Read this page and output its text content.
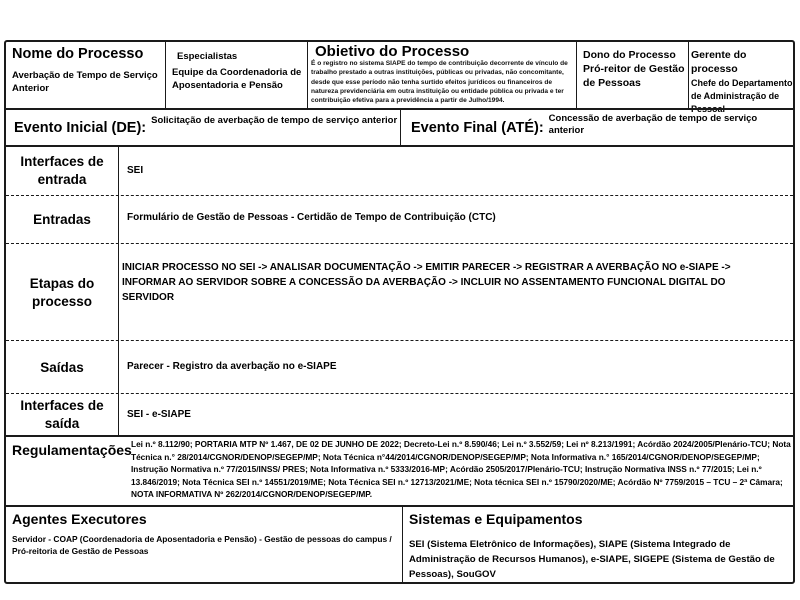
Nome do Processo
Averbação de Tempo de Serviço Anterior
Especialistas
Equipe da Coordenadoria de Aposentadoria e Pensão
Obietivo do Processo
É o registro no sistema SIAPE do tempo de contribuição decorrente de vínculo de trabalho prestado a outras instituições, públicas ou privadas, não concomitante, desde que esse período não tenha surtido efeitos jurídicos ou financeiros de natureza previdenciária em outra instituição ou entidade pública ou privada e ter contribuição efetiva para a previdência a partir de Julho/1994.
Dono do Processo
Pró-reitor de Gestão de Pessoas
Gerente do processo
Chefe do Departamento de Administração de Pessoal
Evento Inicial (DE): Solicitação de averbação de tempo de serviço anterior Evento Final (ATÉ):
Concessão de averbação de tempo de serviço anterior
Interfaces de entrada
SEI
Entradas	Formulário de Gestão de Pessoas - Certidão de Tempo de Contribuição (CTC)
Etapas do processo
INICIAR PROCESSO NO SEI -> ANALISAR DOCUMENTAÇÃO -> EMITIR PARECER -> REGISTRAR A AVERBAÇÃO NO e-SIAPE -> INFORMAR AO SERVIDOR SOBRE A CONCESSÃO DA AVERBAÇÃO -> INCLUIR NO ASSENTAMENTO FUNCIONAL DIGITAL DO SERVIDOR
Saídas	Parecer - Registro da averbação no e-SIAPE
Interfaces de saída
SEI - e-SIAPE
Regulamentações Lei n.º 8.112/90; PORTARIA MTP Nº 1.467, DE 02 DE JUNHO DE 2022; Decreto-Lei n.º 8.590/46; Lei n.º 3.552/59; Lei nº 8.213/1991; Acórdão 2024/2005/Plenário-TCU; Nota Técnica n.° 28/2014/CGNOR/DENOP/SEGEP/MP; Nota Técnica n°44/2014/CGNOR/DENOP/SEGEP/MP; Nota Informativa n.° 165/2014/CGNOR/DENOP/SEGEP/MP; Instrução Normativa n.º 77/2015/INSS/ PRES; Nota Informativa n.º 5333/2016-MP; Acórdão 2505/2017/Plenário-TCU; Instrução Normativa INSS n.º 77/2015; Lei n.º 13.846/2019; Nota Técnica SEI n.º 14551/2019/ME; Nota Técnica SEI n.º 12713/2021/ME; Nota técnica SEI n.º 15790/2020/ME; Acórdão Nº 7759/2015 – TCU – 2ª Câmara; NOTA INFORMATIVA Nº 262/2014/CGNOR/DENOP/SEGEP/MP.
Agentes Executores
Servidor - COAP (Coordenadoria de Aposentadoria e Pensão) - Gestão de pessoas do campus / Pró-reitoria de Gestão de Pessoas
Sistemas e Equipamentos
SEI (Sistema Eletrônico de Informações), SIAPE (Sistema Integrado de Administração de Recursos Humanos), e-SIAPE, SIGEPE (Sistema de Gestão de Pessoas), SouGOV
